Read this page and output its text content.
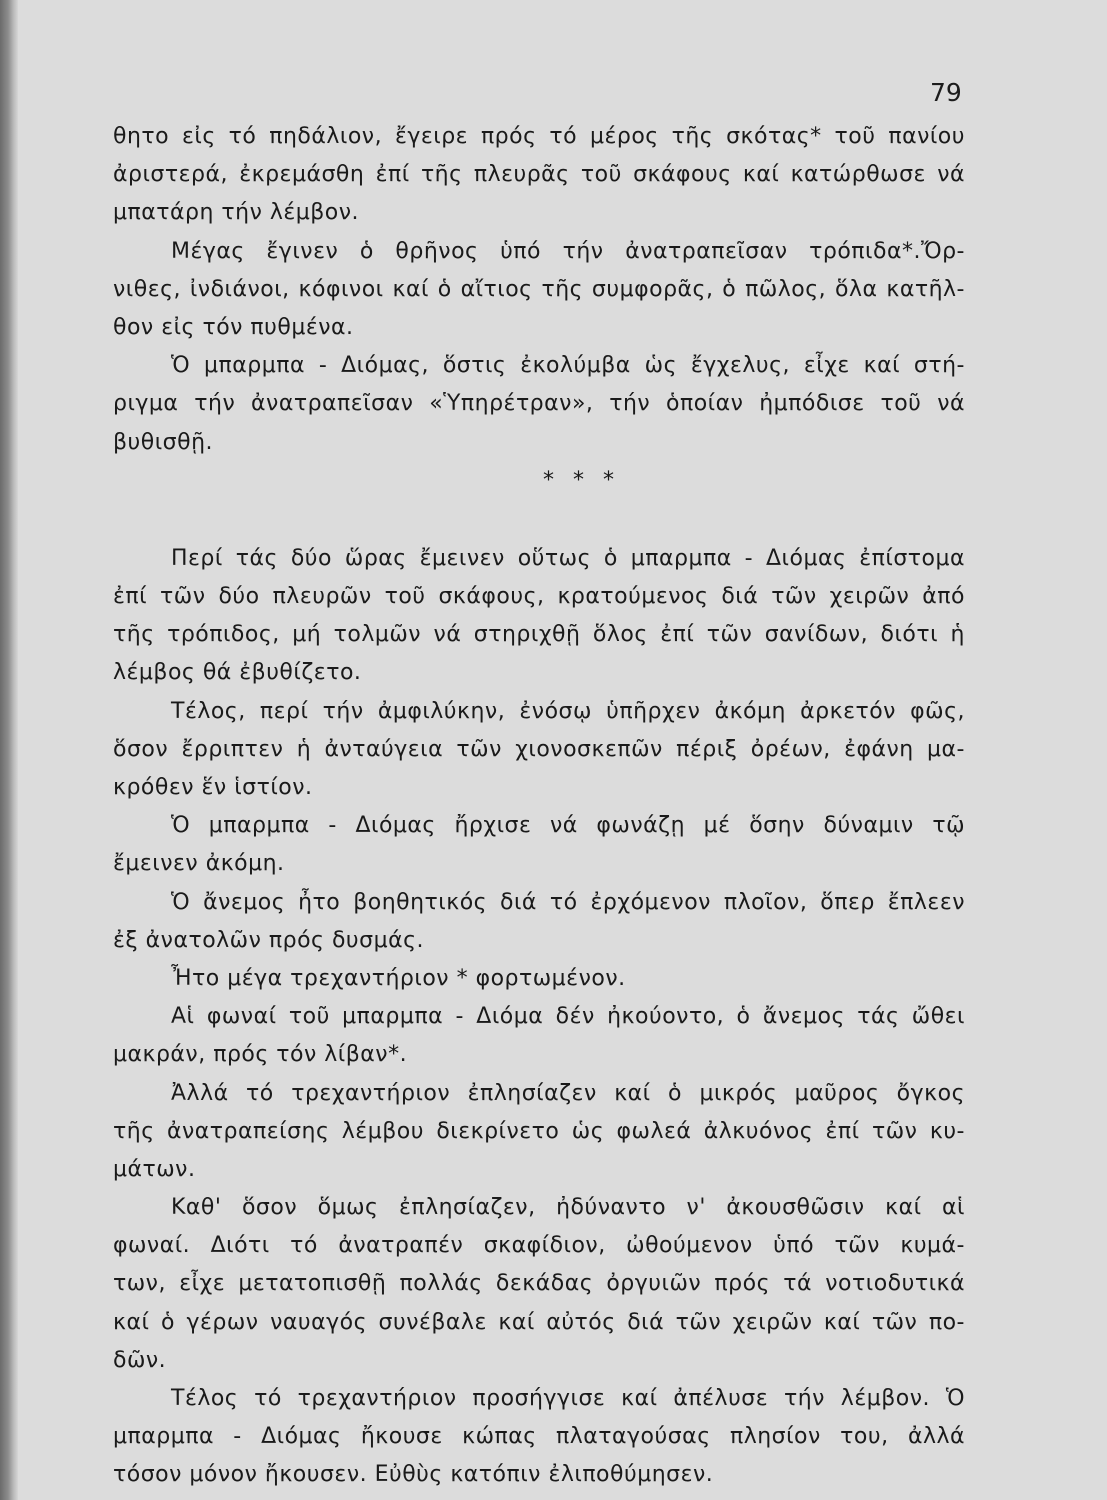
79
θητο εἰς τό πηδάλιον, ἔγειρε πρός τό μέρος τῆς σκότας* τοῦ πανίου
ἀριστερά, ἐκρεμάσθη ἐπί τῆς πλευρᾶς τοῦ σκάφους καί κατώρθωσε νά
μπατάρη τήν λέμβον.
Μέγας ἔγινεν ὁ θρῆνος ὑπό τήν ἀνατραπεῖσαν τρόπιδα*.Ὄρ-
νιθες, ἰνδιάνοι, κόφινοι καί ὁ αἴτιος τῆς συμφορᾶς, ὁ πῶλος, ὅλα κατῆλ-
θον εἰς τόν πυθμένα.
Ὁ μπαρμπα - Διόμας, ὅστις ἐκολύμβα ὡς ἔγχελυς, εἶχε καί στή-
ριγμα τήν ἀνατραπεῖσαν «Ὑπηρέτραν», τήν ὁποίαν ἠμπόδισε τοῦ νά
βυθισθῇ.
* * *
Περί τάς δύο ὥρας ἔμεινεν οὕτως ὁ μπαρμπα - Διόμας ἐπίστομα
ἐπί τῶν δύο πλευρῶν τοῦ σκάφους, κρατούμενος διά τῶν χειρῶν ἀπό
τῆς τρόπιδος, μή τολμῶν νά στηριχθῇ ὅλος ἐπί τῶν σανίδων, διότι ἡ
λέμβος θά ἐβυθίζετο.
Τέλος, περί τήν ἀμφιλύκην, ἐνόσῳ ὑπῆρχεν ἀκόμη ἀρκετόν φῶς,
ὅσον ἔρριπτεν ἡ ἀνταύγεια τῶν χιονοσκεπῶν πέριξ ὀρέων, ἐφάνη μα-
κρόθεν ἕν ἱστίον.
Ὁ μπαρμπα - Διόμας ἤρχισε νά φωνάζῃ μέ ὅσην δύναμιν τῷ
ἔμεινεν ἀκόμη.
Ὁ ἄνεμος ἦτο βοηθητικός διά τό ἐρχόμενον πλοῖον, ὅπερ ἔπλεεν
ἐξ ἀνατολῶν πρός δυσμάς.
Ἦτο μέγα τρεχαντήριον * φορτωμένον.
Αἱ φωναί τοῦ μπαρμπα - Διόμα δέν ἠκούοντο, ὁ ἄνεμος τάς ὤθει
μακράν, πρός τόν λίβαν*.
Ἀλλά τό τρεχαντήριον ἐπλησίαζεν καί ὁ μικρός μαῦρος ὄγκος
τῆς ἀνατραπείσης λέμβου διεκρίνετο ὡς φωλεά ἀλκυόνος ἐπί τῶν κυ-
μάτων.
Καθ' ὅσον ὅμως ἐπλησίαζεν, ἠδύναντο ν' ἀκουσθῶσιν καί αἱ
φωναί. Διότι τό ἀνατραπέν σκαφίδιον, ὠθούμενον ὑπό τῶν κυμά-
των, εἶχε μετατοπισθῇ πολλάς δεκάδας ὀργυιῶν πρός τά νοτιοδυτικά
καί ὁ γέρων ναυαγός συνέβαλε καί αὐτός διά τῶν χειρῶν καί τῶν πο-
δῶν.
Τέλος τό τρεχαντήριον προσήγγισε καί ἀπέλυσε τήν λέμβον. Ὁ
μπαρμπα - Διόμας ἤκουσε κώπας πλαταγούσας πλησίον του, ἀλλά
τόσον μόνον ἤκουσεν. Εὐθὺς κατόπιν ἐλιποθύμησεν.
